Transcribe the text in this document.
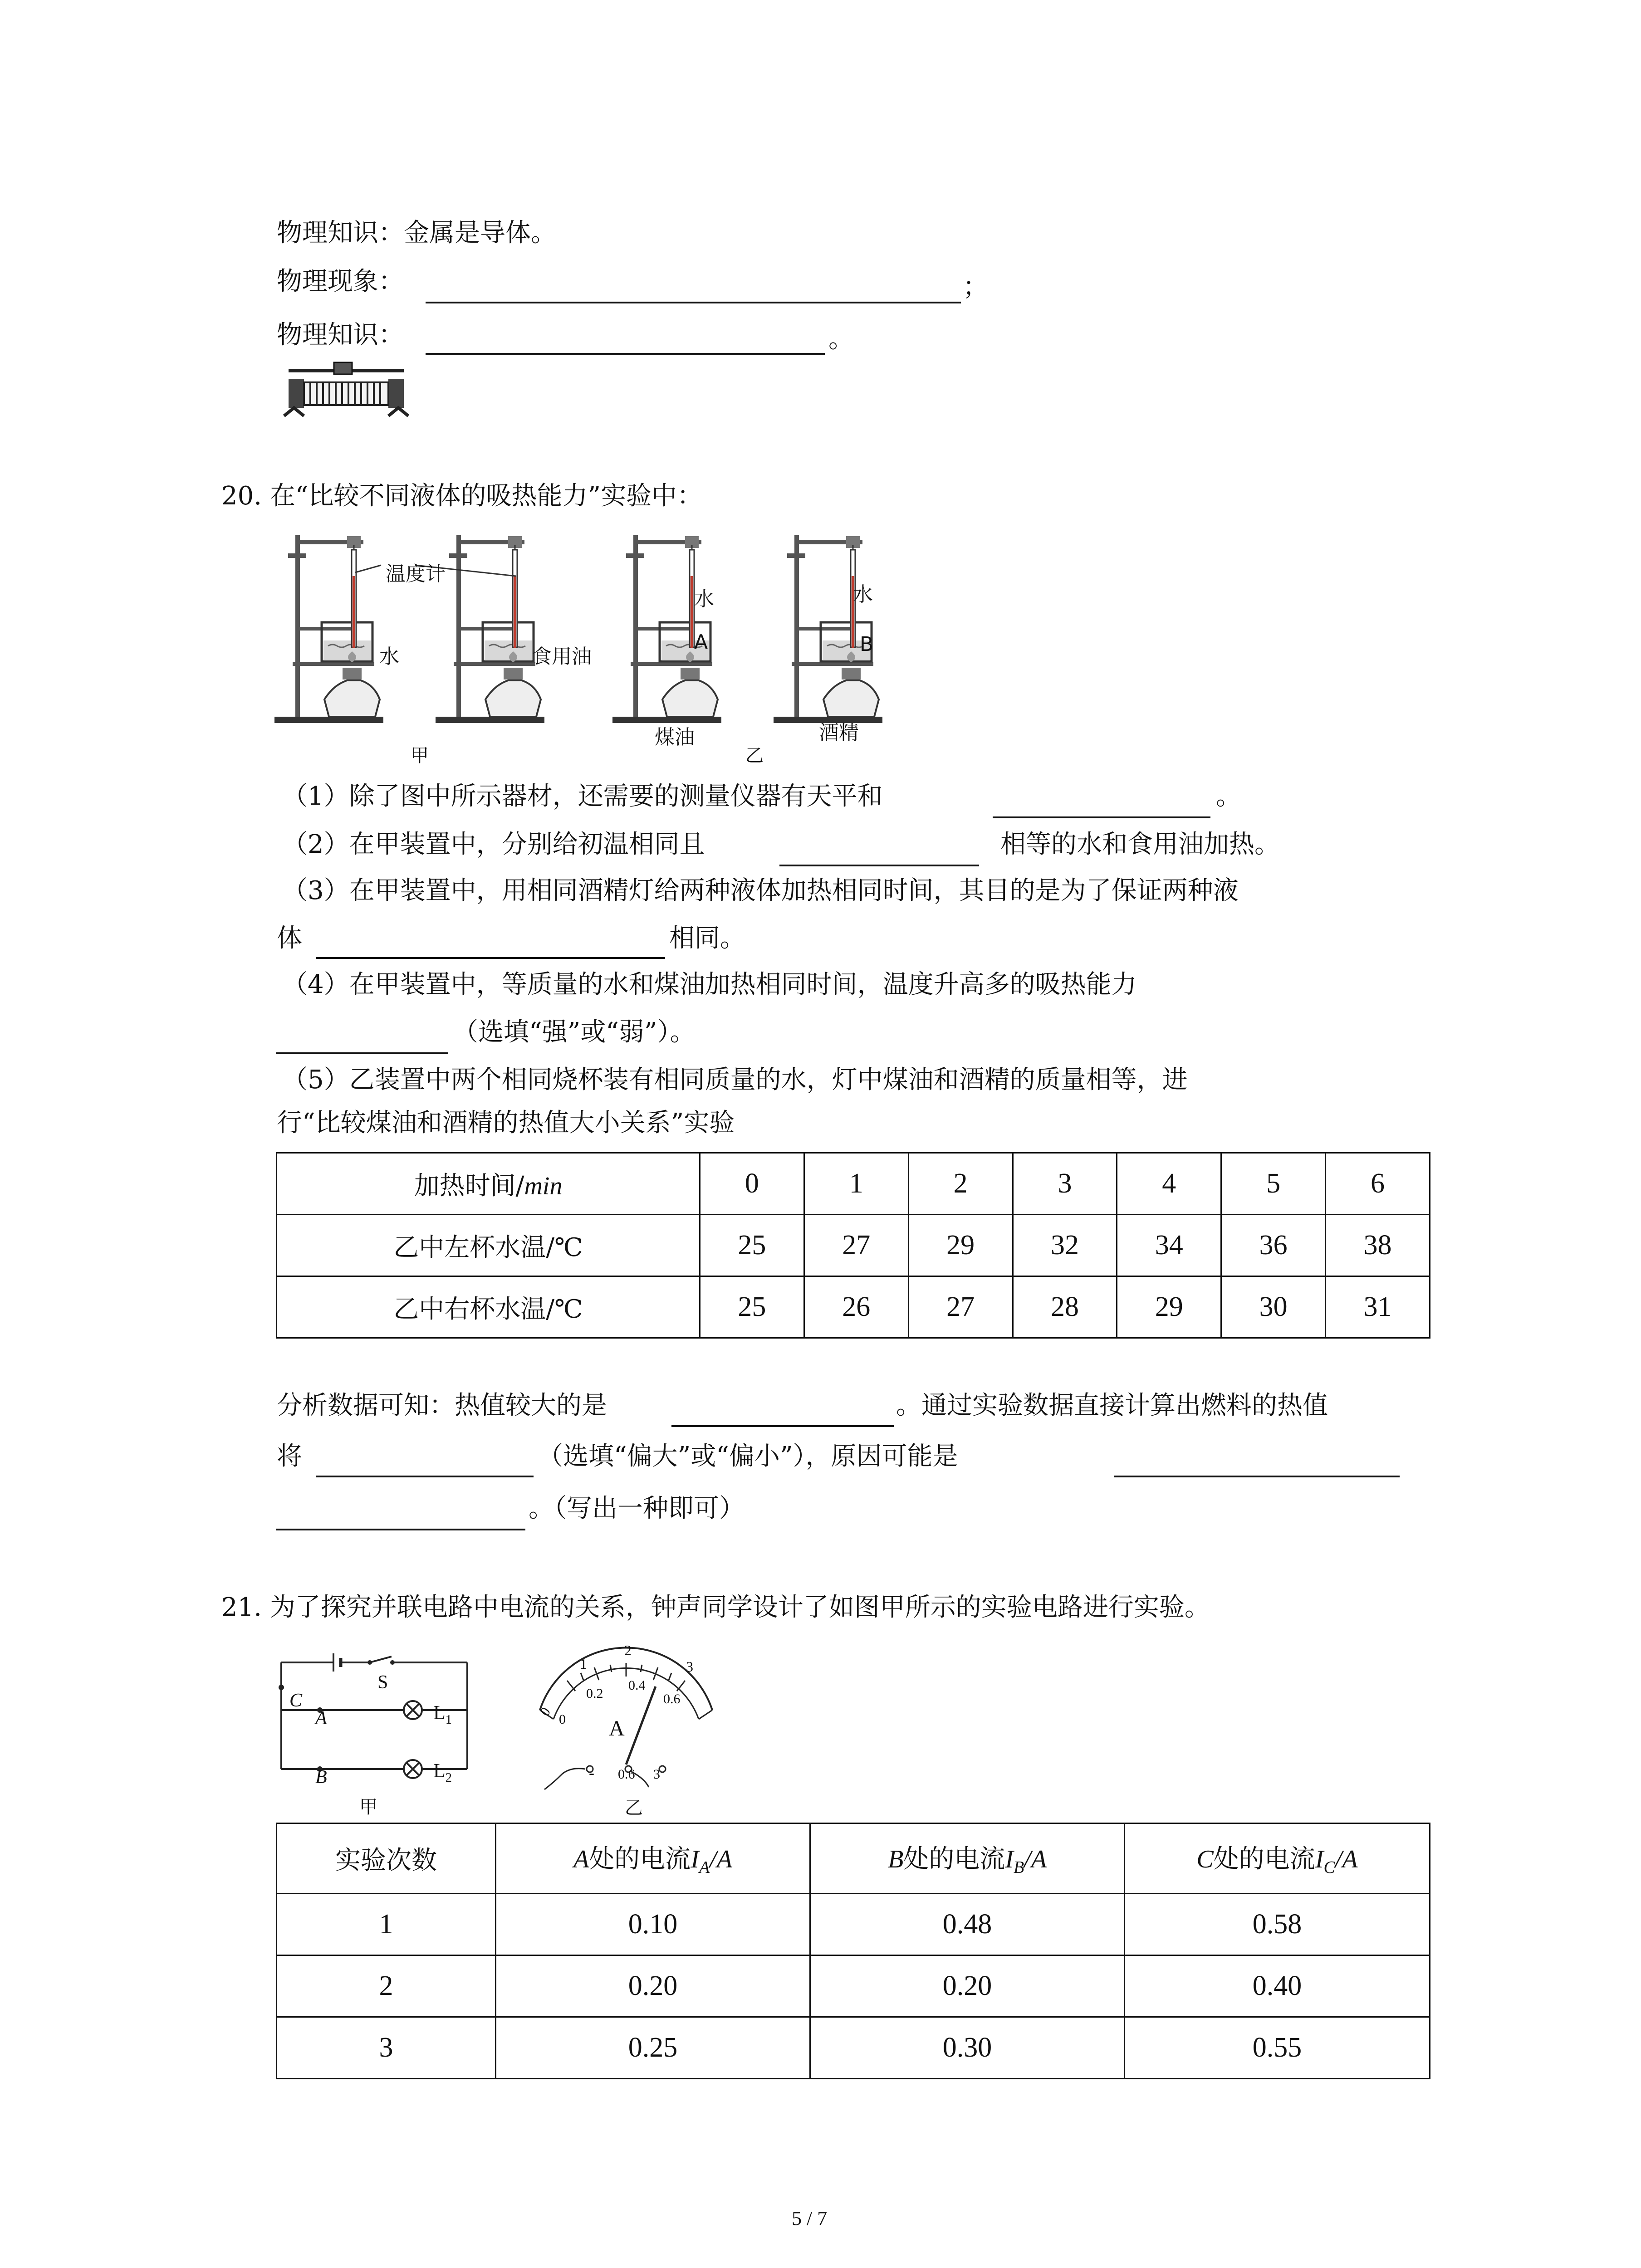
物理知识：金属是导体。
物理现象：	；
物理知识：	。
20. 在“比较不同液体的吸热能力”实验中：
温度计
水	食用油
水
A
水
B
煤油	酒精
甲	乙
（1）除了图中所示器材，还需要的测量仪器有天平和	。
（2）在甲装置中，分别给初温相同且	相等的水和食用油加热。
（3）在甲装置中，用相同酒精灯给两种液体加热相同时间，其目的是为了保证两种液
体	相同。
（4）在甲装置中，等质量的水和煤油加热相同时间，温度升高多的吸热能力
（选填“强”或“弱”）。
（5）乙装置中两个相同烧杯装有相同质量的水，灯中煤油和酒精的质量相等，进
行“比较煤油和酒精的热值大小关系”实验
加热时间/min	0	1	2	3	4	5	6
乙中左杯水温/℃	25	27	29	32	34	36	38
乙中右杯水温/℃	25	26	27	28	29	30	31
分析数据可知：热值较大的是	。通过实验数据直接计算出燃料的热值
将	（选填“偏大”或“偏小”），原因可能是
。（写出一种即可）
21. 为了探究并联电路中电流的关系，钟声同学设计了如图甲所示的实验电路进行实验。
S
C
A
B
$L_1$
$L_2$
甲
0
1
2
3
0
0.2
0.4
0.6
A
- 0.6 3
乙
实验次数	A处的电流$I_A/A$	B处的电流$I_B/A$	C处的电流$I_C/A$
1	0.10	0.48	0.58
2	0.20	0.20	0.40
3	0.25	0.30	0.55
5 / 7
